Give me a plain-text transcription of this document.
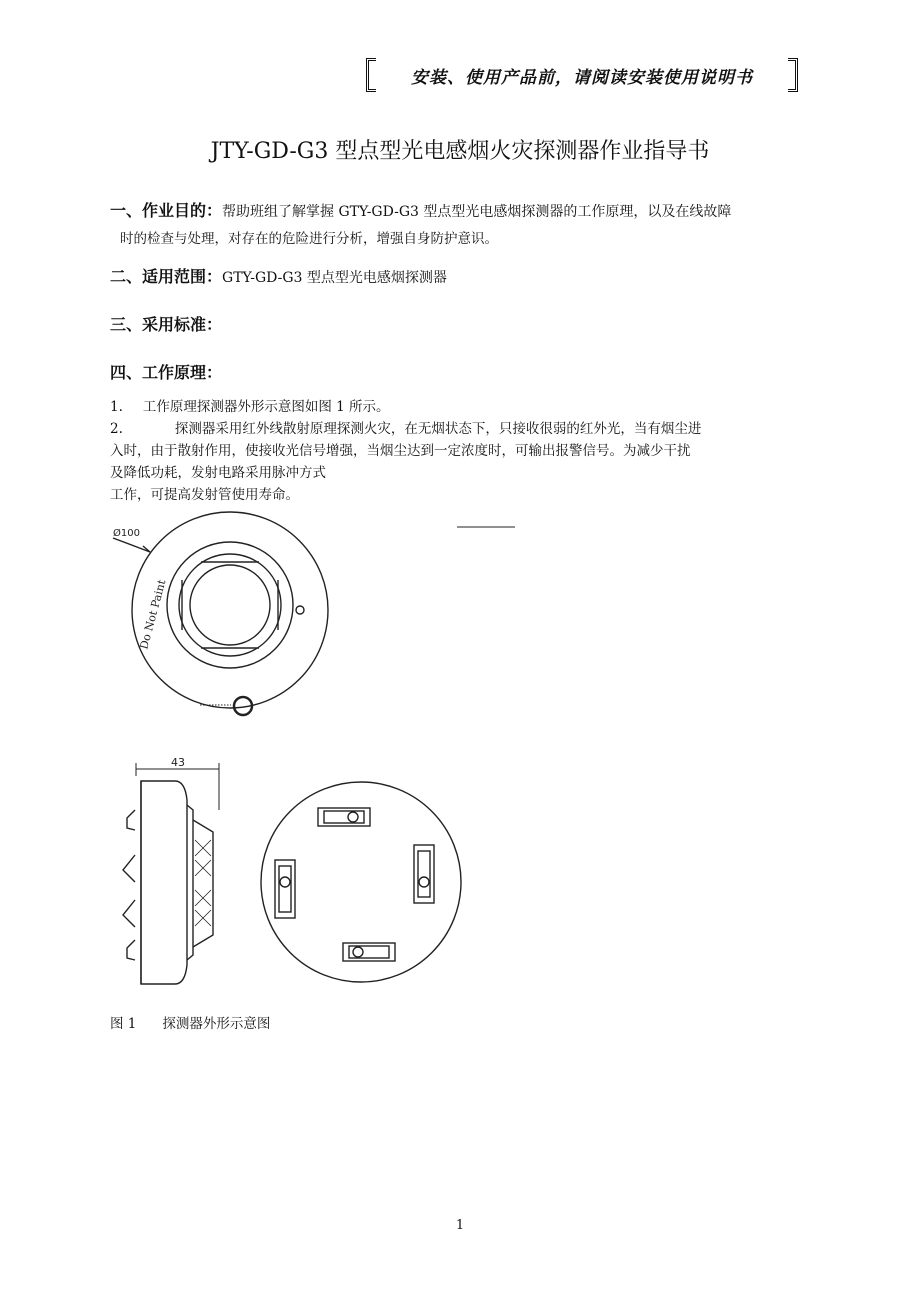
安装、使用产品前，请阅读安装使用说明书
JTY-GD-G3 型点型光电感烟火灾探测器作业指导书
一、作业目的：帮助班组了解掌握 GTY-GD-G3 型点型光电感烟探测器的工作原理，以及在线故障
时的检查与处理，对存在的危险进行分析，增强自身防护意识。
二、适用范围：GTY-GD-G3 型点型光电感烟探测器
三、采用标准：
四、工作原理：
1. 工作原理探测器外形示意图如图 1 所示。
2.	探测器采用红外线散射原理探测火灾，在无烟状态下，只接收很弱的红外光，当有烟尘进
入时，由于散射作用，使接收光信号增强，当烟尘达到一定浓度时，可输出报警信号。为减少干扰
及降低功耗，发射电路采用脉冲方式
工作，可提高发射管使用寿命。
Ø100
Do Not Paint
43
图 1 探测器外形示意图
1
